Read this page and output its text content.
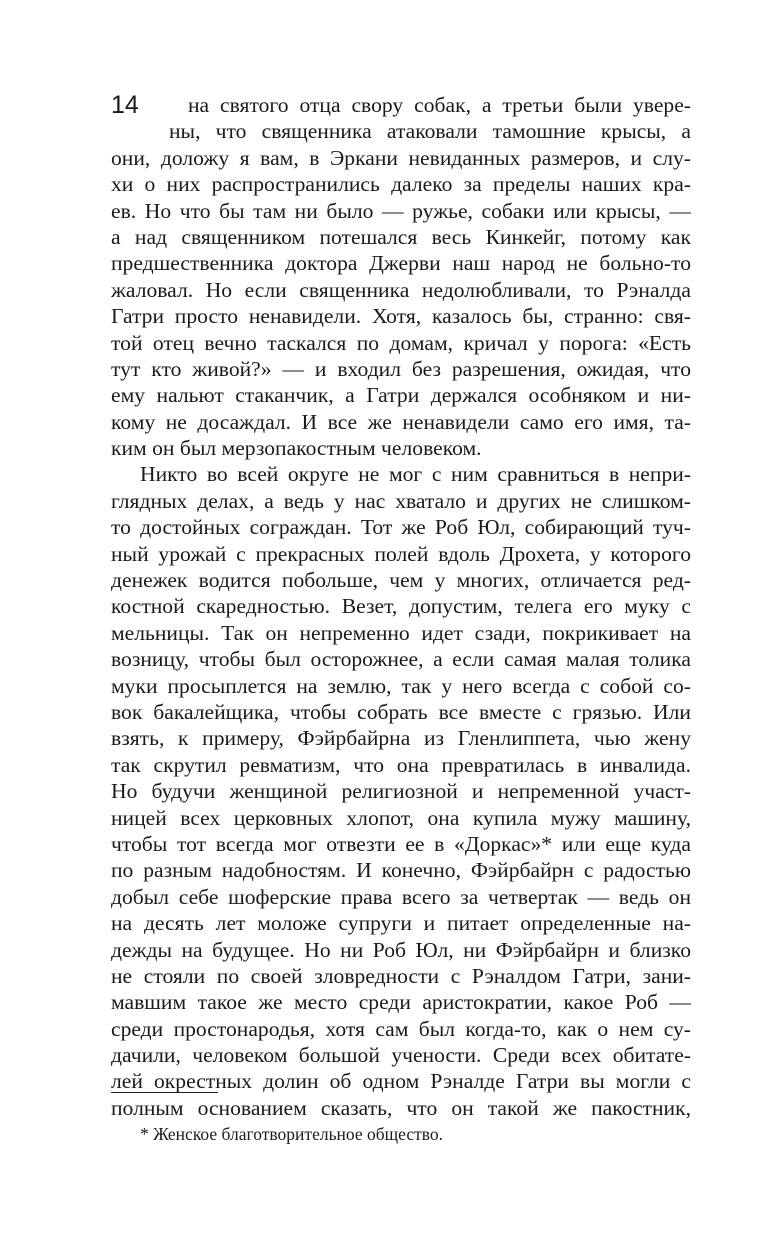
14	на святого отца свору собак, а третьи были увере-
ны, что священника атаковали тамошние крысы, а
они, доложу я вам, в Эркани невиданных размеров, и слу-
хи о них распространились далеко за пределы наших кра-
ев. Но что бы там ни было — ружье, собаки или крысы, —
а над священником потешался весь Кинкейг, потому как
предшественника доктора Джерви наш народ не больно-то
жаловал. Но если священника недолюбливали, то Рэналда
Гатри просто ненавидели. Хотя, казалось бы, странно: свя-
той отец вечно таскался по домам, кричал у порога: «Есть
тут кто живой?» — и входил без разрешения, ожидая, что
ему нальют стаканчик, а Гатри держался особняком и ни-
кому не досаждал. И все же ненавидели само его имя, та-
ким он был мерзопакостным человеком.
Никто во всей округе не мог с ним сравниться в непри-
глядных делах, а ведь у нас хватало и других не слишком-
то достойных сограждан. Тот же Роб Юл, собирающий туч-
ный урожай с прекрасных полей вдоль Дрохета, у которого
денежек водится побольше, чем у многих, отличается ред-
костной скаредностью. Везет, допустим, телега его муку с
мельницы. Так он непременно идет сзади, покрикивает на
возницу, чтобы был осторожнее, а если самая малая толика
муки просыплется на землю, так у него всегда с собой со-
вок бакалейщика, чтобы собрать все вместе с грязью. Или
взять, к примеру, Фэйрбайрна из Гленлиппета, чью жену
так скрутил ревматизм, что она превратилась в инвалида.
Но будучи женщиной религиозной и непременной участ-
ницей всех церковных хлопот, она купила мужу машину,
чтобы тот всегда мог отвезти ее в «Доркас»* или еще куда
по разным надобностям. И конечно, Фэйрбайрн с радостью
добыл себе шоферские права всего за четвертак — ведь он
на десять лет моложе супруги и питает определенные на-
дежды на будущее. Но ни Роб Юл, ни Фэйрбайрн и близко
не стояли по своей зловредности с Рэналдом Гатри, зани-
мавшим такое же место среди аристократии, какое Роб —
среди простонародья, хотя сам был когда-то, как о нем су-
дачили, человеком большой учености. Среди всех обитате-
лей окрестных долин об одном Рэналде Гатри вы могли с
полным основанием сказать, что он такой же пакостник,
* Женское благотворительное общество.
